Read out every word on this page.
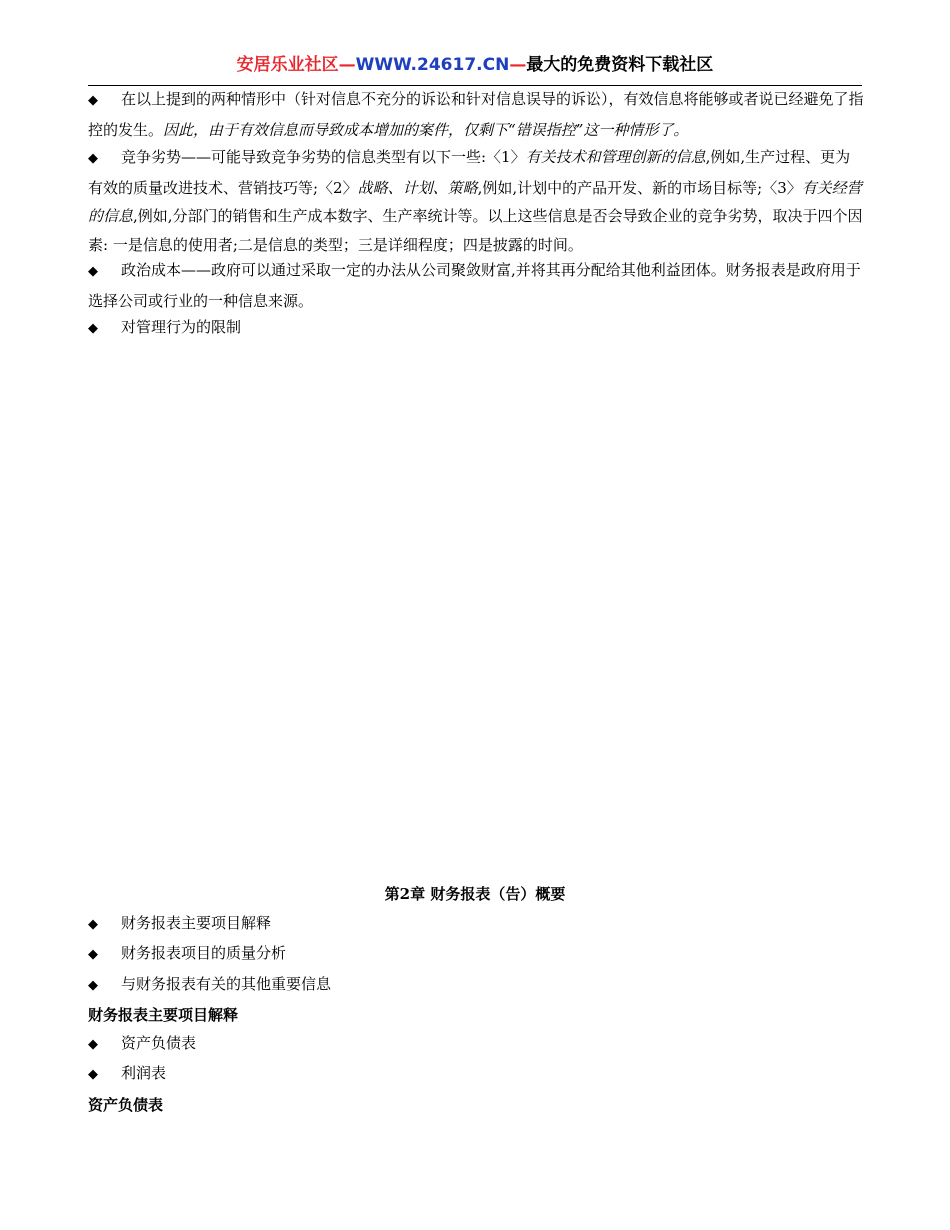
安居乐业社区—WWW.24617.CN—最大的免费资料下载社区
◆ 在以上提到的两种情形中（针对信息不充分的诉讼和针对信息误导的诉讼），有效信息将能够或者说已经避免了指控的发生。因此，由于有效信息而导致成本增加的案件，仅剩下“错误指控”这一种情形了。
◆ 竞争劣势——可能导致竞争劣势的信息类型有以下一些:〈1〉有关技术和管理创新的信息,例如,生产过程、更为有效的质量改进技术、营销技巧等;〈2〉战略、计划、策略,例如,计划中的产品开发、新的市场目标等;〈3〉有关经营的信息,例如,分部门的销售和生产成本数字、生产率统计等。以上这些信息是否会导致企业的竞争劣势，取决于四个因素: 一是信息的使用者;二是信息的类型；三是详细程度；四是披露的时间。
◆ 政治成本——政府可以通过采取一定的办法从公司聚敛财富,并将其再分配给其他利益团体。财务报表是政府用于选择公司或行业的一种信息来源。
◆ 对管理行为的限制
第2章 财务报表（告）概要
◆ 财务报表主要项目解释
◆ 财务报表项目的质量分析
◆ 与财务报表有关的其他重要信息
财务报表主要项目解释
◆ 资产负债表
◆ 利润表
资产负债表
